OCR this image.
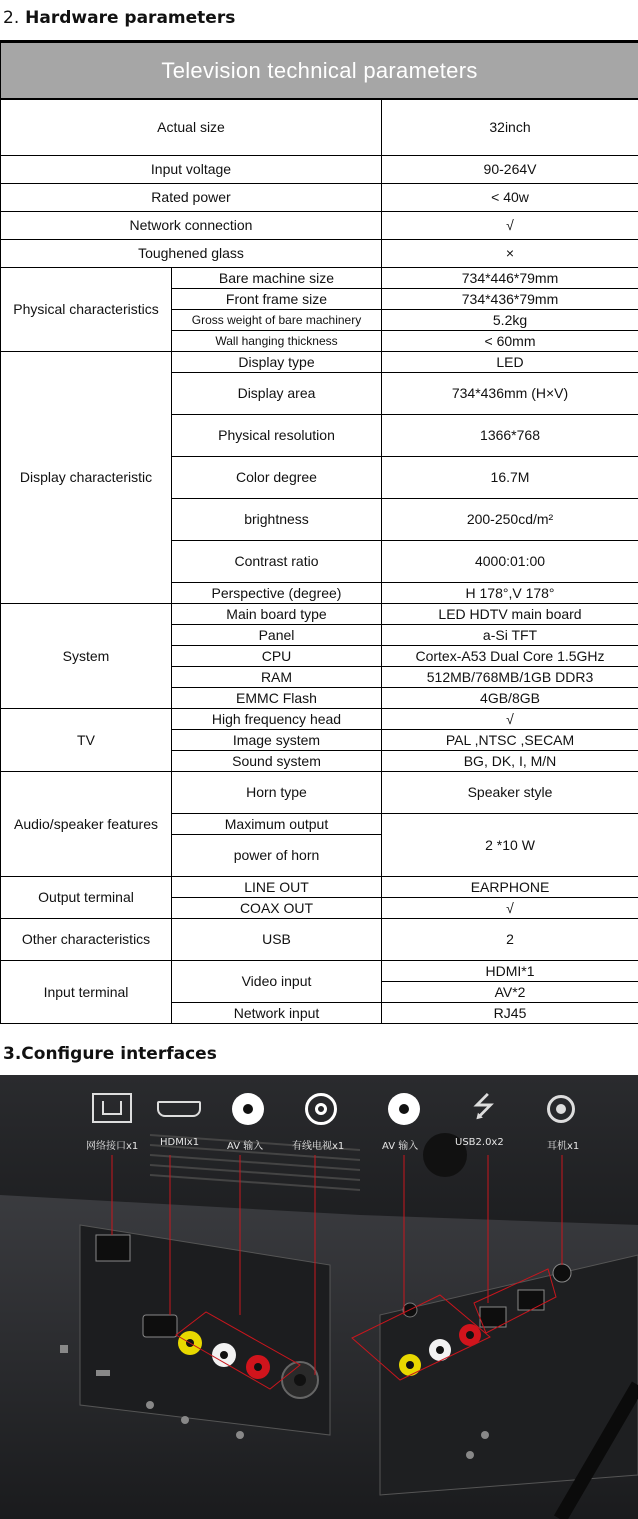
2. Hardware parameters
Television technical parameters		
Actual size		32inch
Input voltage		90-264V
Rated power		< 40w
Network connection		√
Toughened glass		×
Physical characteristics	Bare machine size	734*446*79mm
	Front frame size	734*436*79mm
	Gross weight of bare machinery	5.2kg
	Wall hanging thickness	< 60mm
Display characteristic	Display type	LED
	Display area	734*436mm (H×V)
	Physical resolution	1366*768
	Color degree	16.7M
	brightness	200-250cd/m²
	Contrast ratio	4000:01:00
	Perspective (degree)	H 178°,V 178°
System	Main board type	LED HDTV main board
	Panel	a-Si TFT
	CPU	Cortex-A53 Dual Core 1.5GHz
	RAM	512MB/768MB/1GB DDR3
	EMMC Flash	4GB/8GB
TV	High frequency head	√
	Image system	PAL ,NTSC ,SECAM
	Sound system	BG, DK, I, M/N
Audio/speaker features	Horn type	Speaker style
	Maximum output	2 *10 W
	power of horn	
Output terminal	LINE OUT	EARPHONE
	COAX OUT	√
Other characteristics	USB	2
Input terminal	Video input	HDMI*1
		AV*2
	Network input	RJ45
3.Configure interfaces
⭍
网络接口x1 HDMIx1	AV 输入	有线电视x1	AV 输入	USB2.0x2	耳机x1
